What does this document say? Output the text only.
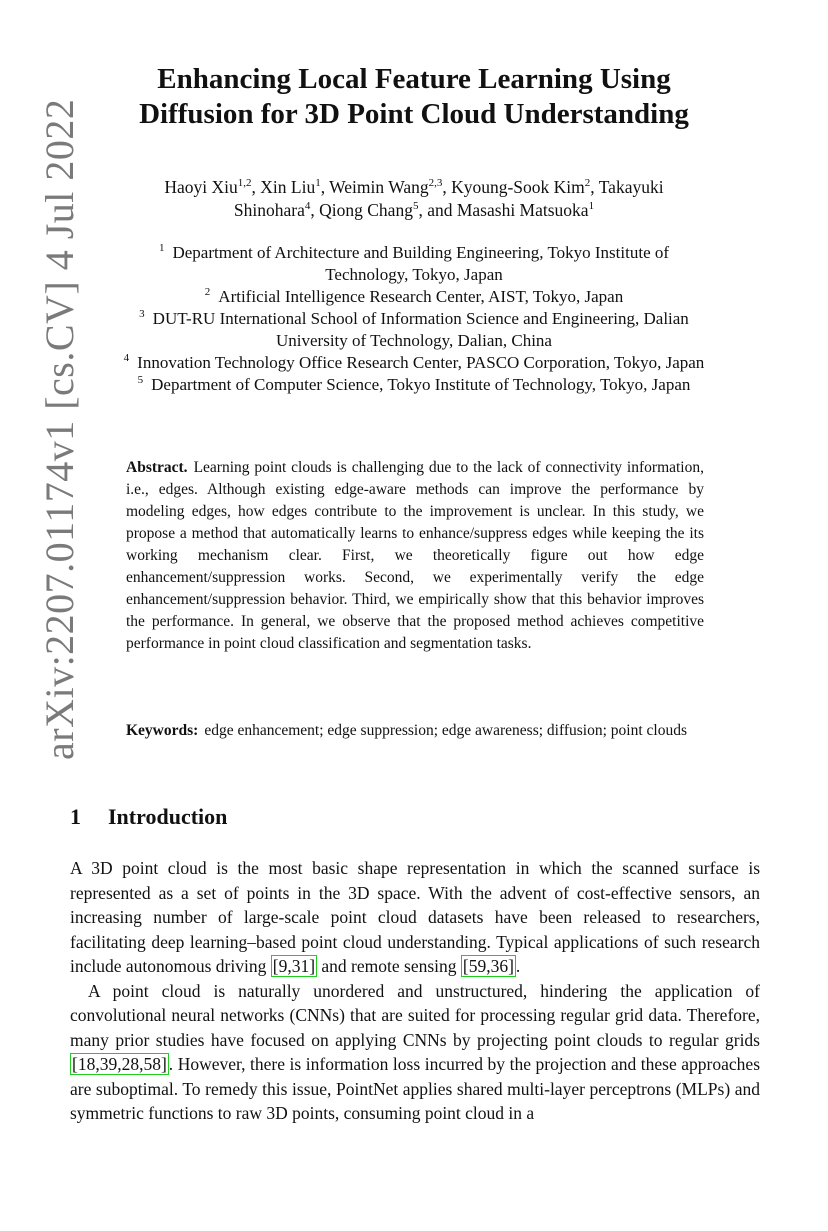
arXiv:2207.01174v1 [cs.CV] 4 Jul 2022
Enhancing Local Feature Learning Using
Diffusion for 3D Point Cloud Understanding
Haoyi Xiu$^{1,2}$, Xin Liu$^1$, Weimin Wang$^{2,3}$, Kyoung-Sook Kim$^2$, Takayuki
Shinohara$^4$, Qiong Chang$^5$, and Masashi Matsuoka$^1$
$^1$ Department of Architecture and Building Engineering, Tokyo Institute of
Technology, Tokyo, Japan
$^2$ Artificial Intelligence Research Center, AIST, Tokyo, Japan
$^3$ DUT-RU International School of Information Science and Engineering, Dalian
University of Technology, Dalian, China
$^4$ Innovation Technology Office Research Center, PASCO Corporation, Tokyo, Japan
$^5$ Department of Computer Science, Tokyo Institute of Technology, Tokyo, Japan
Abstract. Learning point clouds is challenging due to the lack of connectivity information, i.e., edges. Although existing edge-aware methods can improve the performance by modeling edges, how edges contribute to the improvement is unclear. In this study, we propose a method that automatically learns to enhance/suppress edges while keeping the its working mechanism clear. First, we theoretically figure out how edge enhancement/suppression works. Second, we experimentally verify the edge enhancement/suppression behavior. Third, we empirically show that this behavior improves the performance. In general, we observe that the proposed method achieves competitive performance in point cloud classification and segmentation tasks.
Keywords: edge enhancement; edge suppression; edge awareness; diffusion; point clouds
1 Introduction

A 3D point cloud is the most basic shape representation in which the scanned surface is represented as a set of points in the 3D space. With the advent of cost-effective sensors, an increasing number of large-scale point cloud datasets have been released to researchers, facilitating deep learning–based point cloud understanding. Typical applications of such research include autonomous driving [9,31] and remote sensing [59,36] .

A point cloud is naturally unordered and unstructured, hindering the application of convolutional neural networks (CNNs) that are suited for processing regular grid data. Therefore, many prior studies have focused on applying CNNs by projecting point clouds to regular grids [18,39,28,58] . However, there is information loss incurred by the projection and these approaches are suboptimal. To remedy this issue, PointNet applies shared multi-layer perceptrons (MLPs) and symmetric functions to raw 3D points, consuming point cloud in a
